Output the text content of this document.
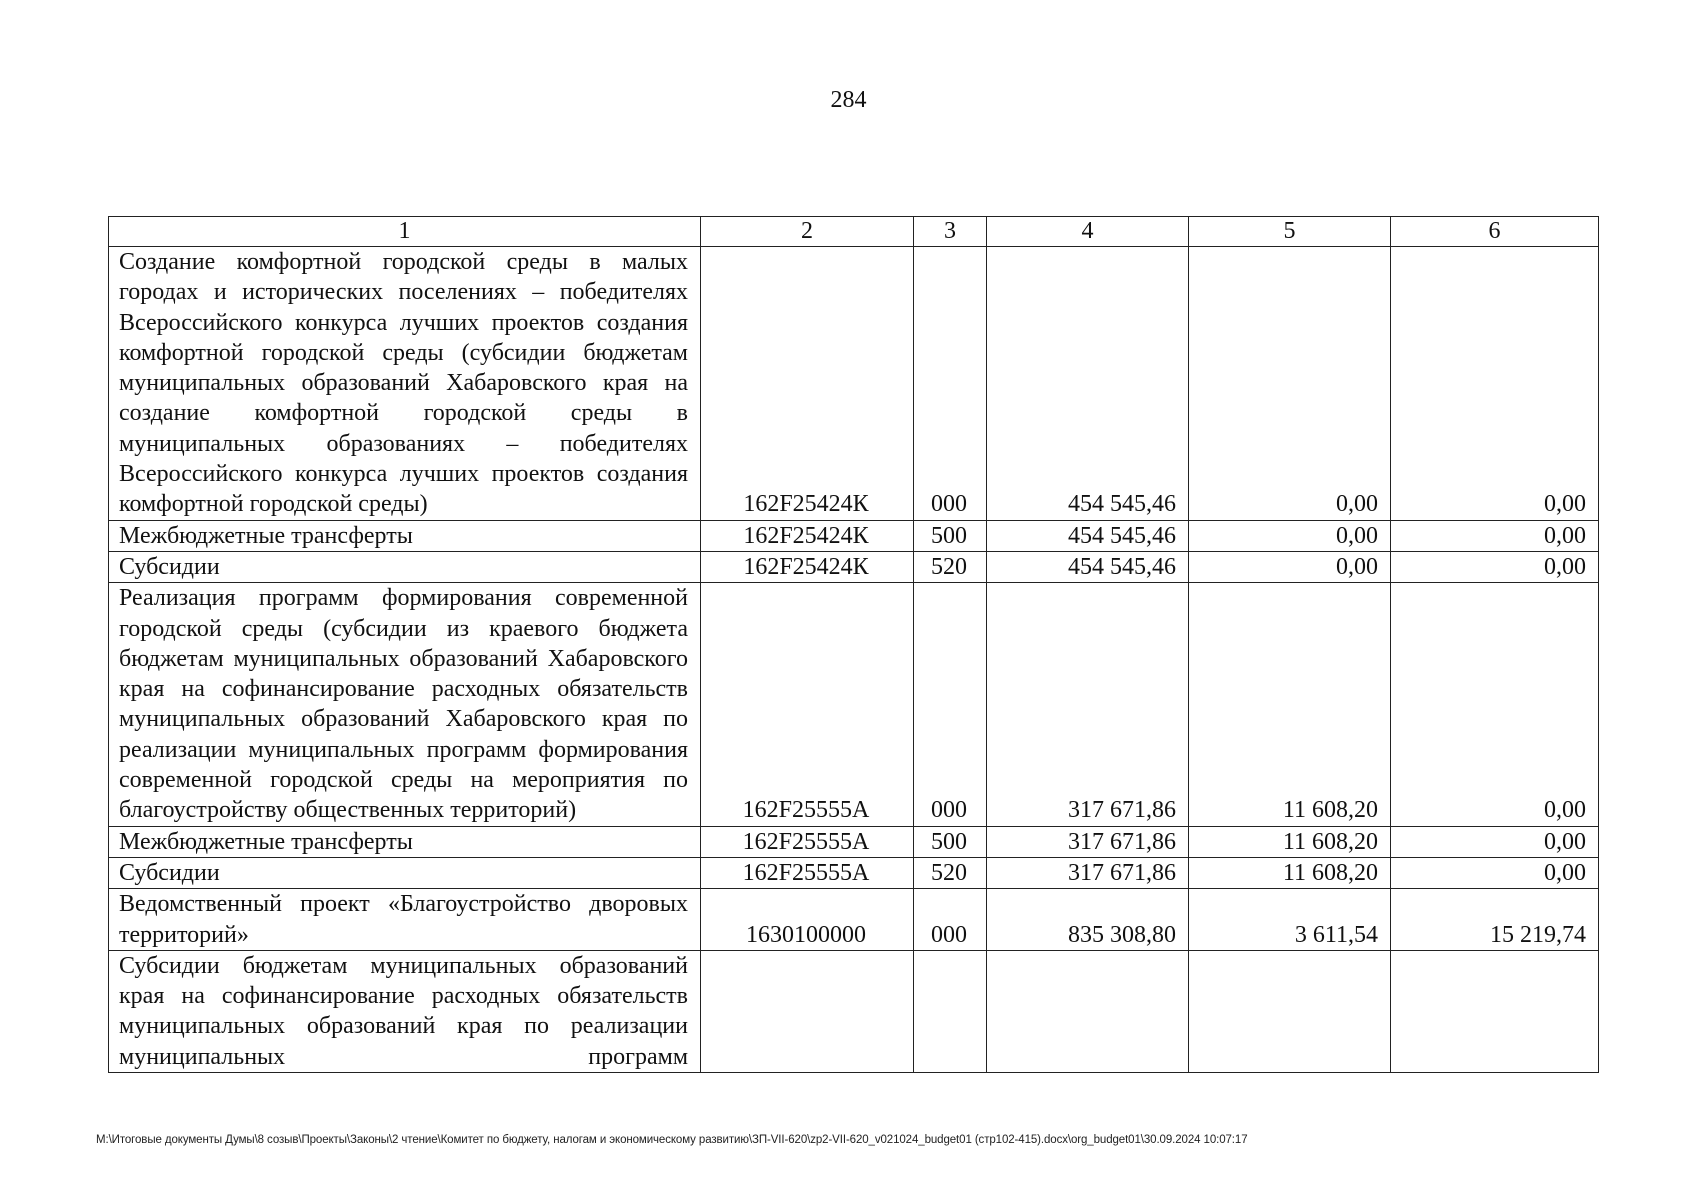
284
1	2	3	4	5	6
Создание комфортной городской среды в малых городах и исторических поселениях – победителях Всероссийского конкурса лучших проектов создания комфортной городской среды (субсидии бюджетам муниципальных образований Хабаровского края на создание комфортной городской среды в муниципальных образованиях – победителях Всероссийского конкурса лучших проектов создания комфортной городской среды)	162F25424К	000	454 545,46	0,00	0,00
Межбюджетные трансферты	162F25424К	500	454 545,46	0,00	0,00
Субсидии	162F25424К	520	454 545,46	0,00	0,00
Реализация программ формирования современной городской среды (субсидии из краевого бюджета бюджетам муниципальных образований Хабаровского края на софинансирование расходных обязательств муниципальных образований Хабаровского края по реализации муниципальных программ формирования современной городской среды на мероприятия по благоустройству общественных территорий)	162F25555А	000	317 671,86	11 608,20	0,00
Межбюджетные трансферты	162F25555А	500	317 671,86	11 608,20	0,00
Субсидии	162F25555А	520	317 671,86	11 608,20	0,00
Ведомственный проект «Благоустройство дворовых территорий»	1630100000	000	835 308,80	3 611,54	15 219,74
Субсидии бюджетам муниципальных образований края на софинансирование расходных обязательств муниципальных образований края по реализации муниципальных программ					
M:\Итоговые документы Думы\8 созыв\Проекты\Законы\2 чтение\Комитет по бюджету, налогам и экономическому развитию\ЗП-VII-620\zp2-VII-620_v021024_budget01 (стр102-415).docx\org_budget01\30.09.2024 10:07:17
